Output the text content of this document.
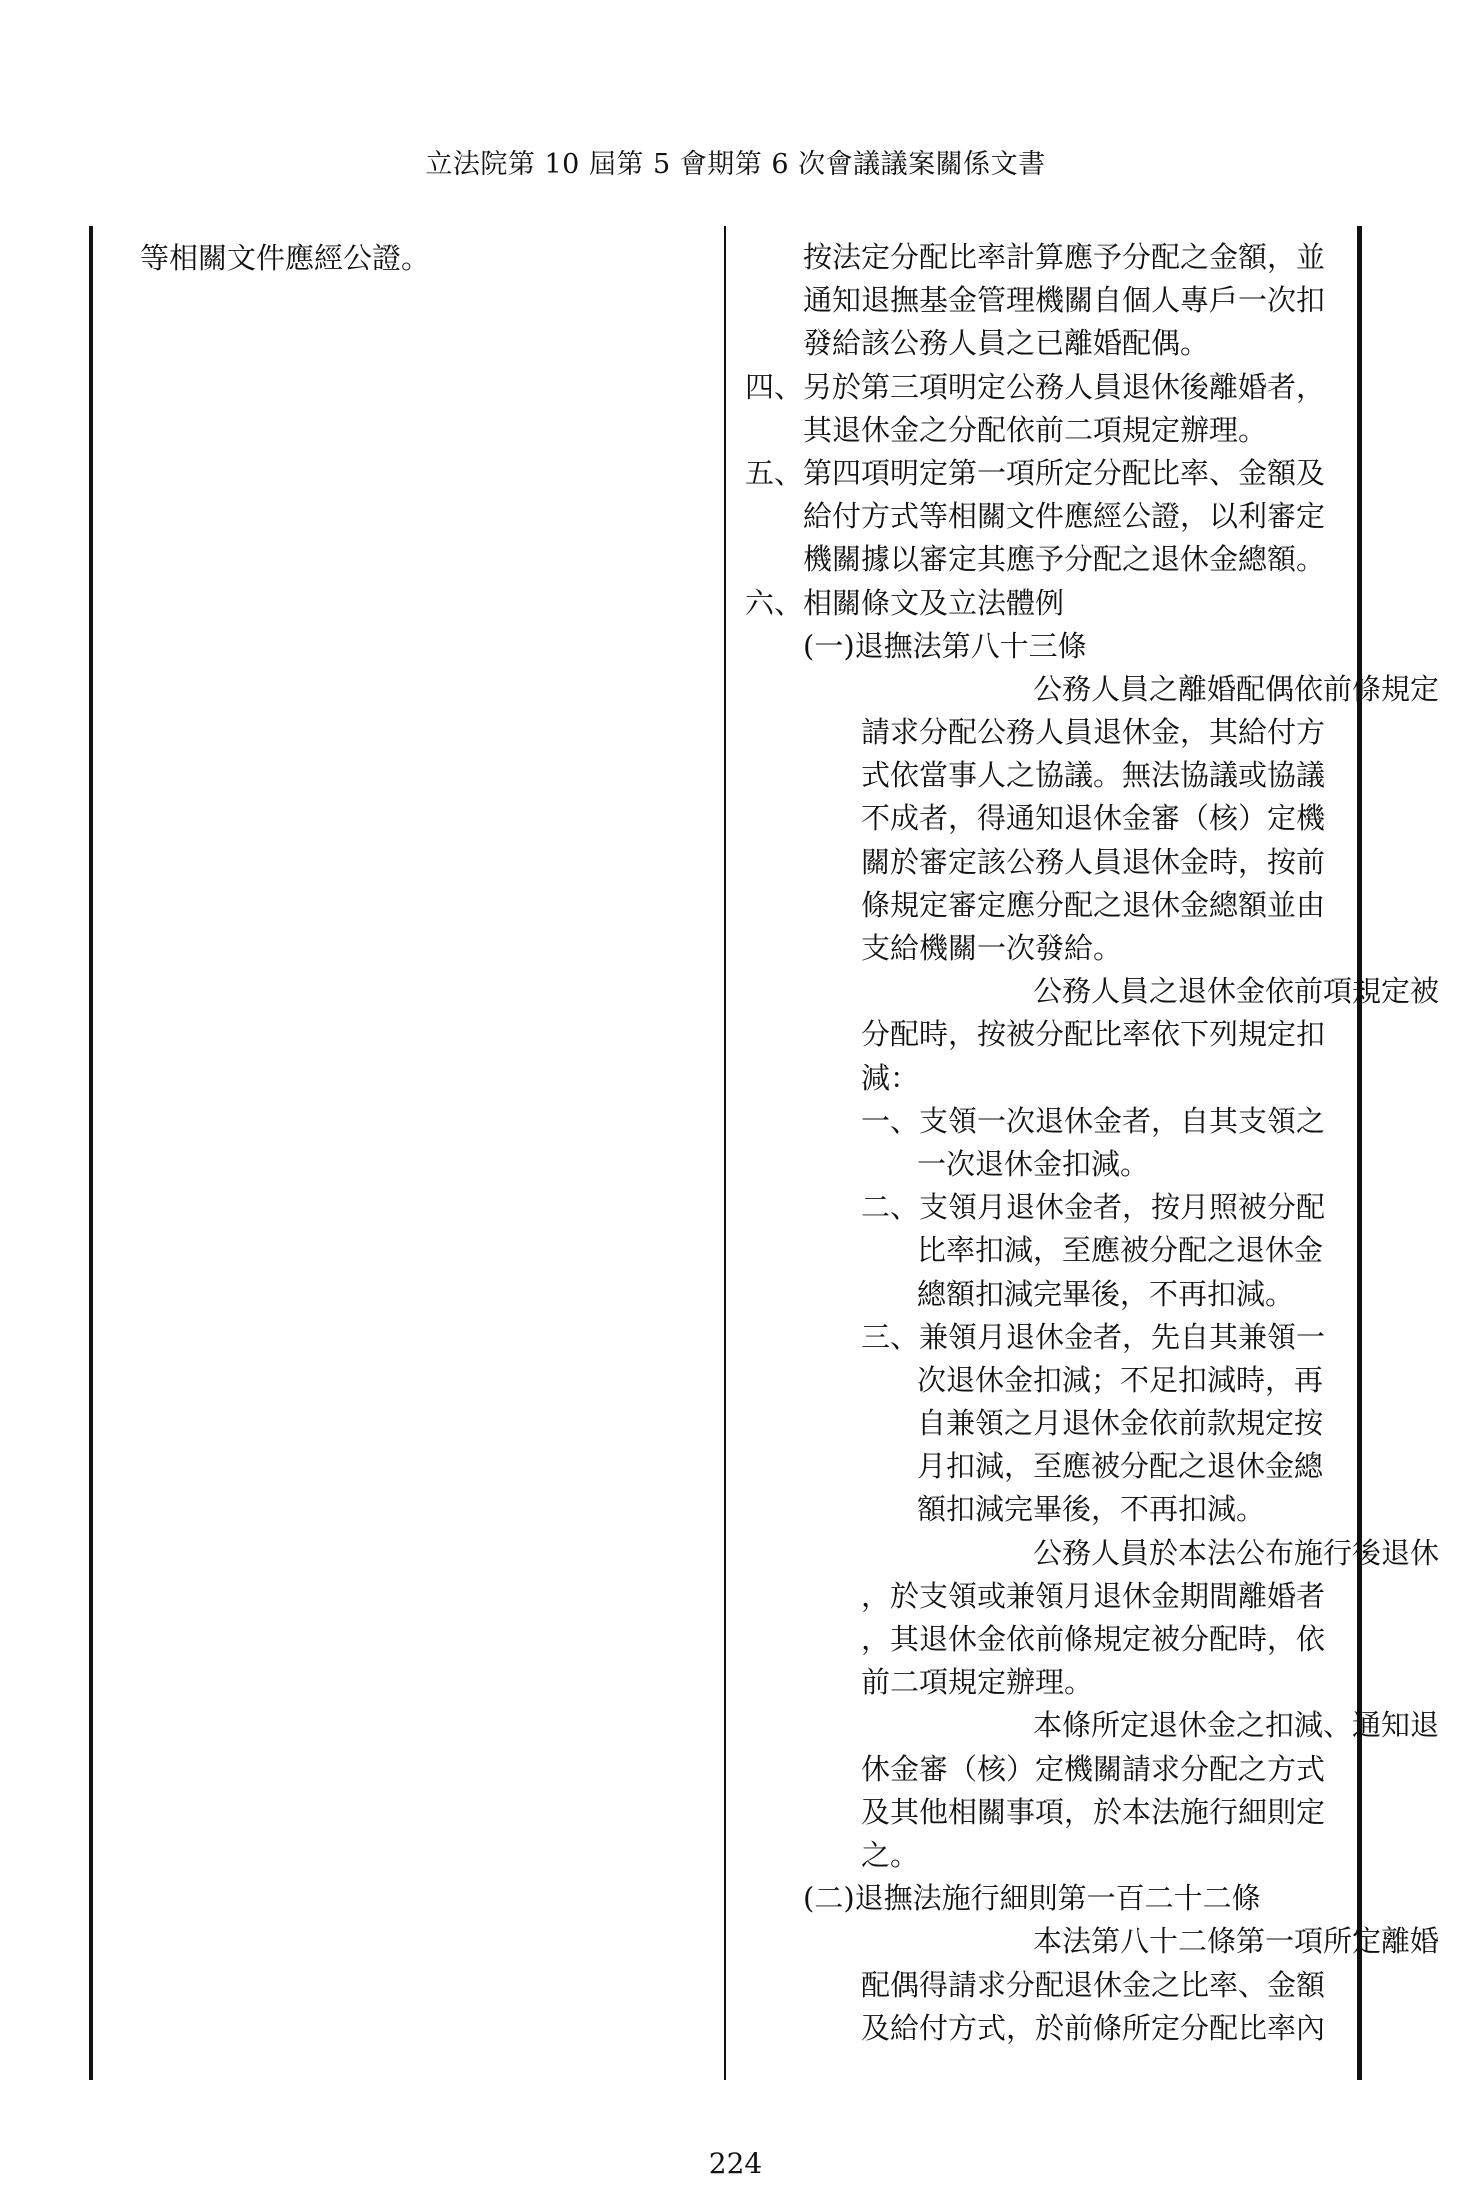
立法院第 10 屆第 5 會期第 6 次會議議案關係文書
等相關文件應經公證。	按法定分配比率計算應予分配之金額，並
通知退撫基金管理機關自個人專戶一次扣
發給該公務人員之已離婚配偶。
四、另於第三項明定公務人員退休後離婚者，
其退休金之分配依前二項規定辦理。
五、第四項明定第一項所定分配比率、金額及
給付方式等相關文件應經公證，以利審定
機關據以審定其應予分配之退休金總額。
六、相關條文及立法體例
(一)退撫法第八十三條
公務人員之離婚配偶依前條規定
請求分配公務人員退休金，其給付方
式依當事人之協議。無法協議或協議
不成者，得通知退休金審（核）定機
關於審定該公務人員退休金時，按前
條規定審定應分配之退休金總額並由
支給機關一次發給。
公務人員之退休金依前項規定被
分配時，按被分配比率依下列規定扣
減：
一、支領一次退休金者，自其支領之
一次退休金扣減。
二、支領月退休金者，按月照被分配
比率扣減，至應被分配之退休金
總額扣減完畢後，不再扣減。
三、兼領月退休金者，先自其兼領一
次退休金扣減；不足扣減時，再
自兼領之月退休金依前款規定按
月扣減，至應被分配之退休金總
額扣減完畢後，不再扣減。
公務人員於本法公布施行後退休
，於支領或兼領月退休金期間離婚者
，其退休金依前條規定被分配時，依
前二項規定辦理。
本條所定退休金之扣減、通知退
休金審（核）定機關請求分配之方式
及其他相關事項，於本法施行細則定
之。
(二)退撫法施行細則第一百二十二條
本法第八十二條第一項所定離婚
配偶得請求分配退休金之比率、金額
及給付方式，於前條所定分配比率內
224
